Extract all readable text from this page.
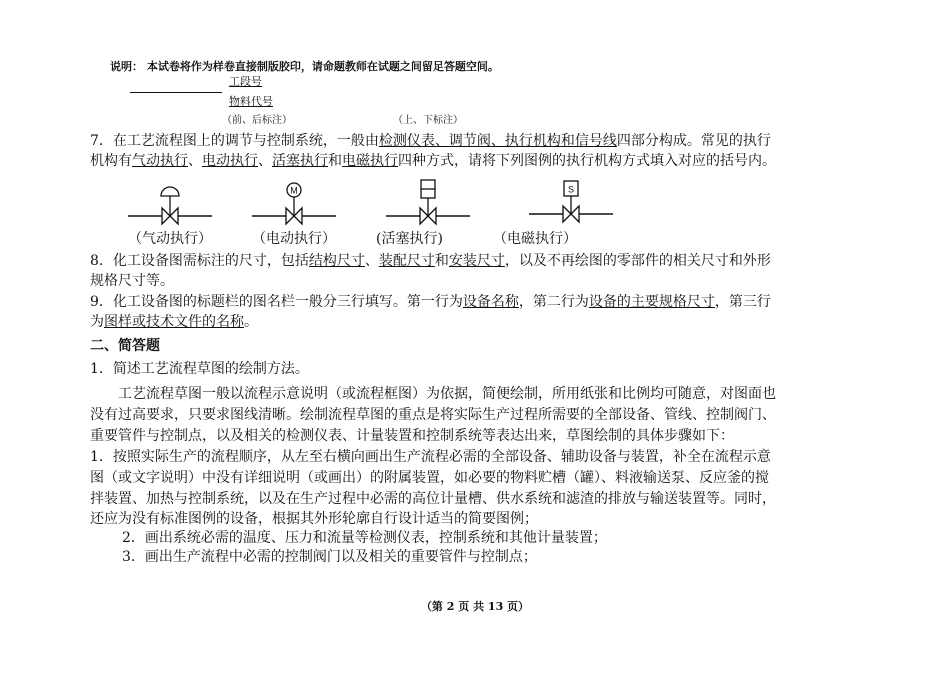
说明： 本试卷将作为样卷直接制版胶印，请命题教师在试题之间留足答题空间。
工段号
物料代号
（前、后标注）	（上、下标注）
7．在工艺流程图上的调节与控制系统，一般由检测仪表、调节阀、执行机构和信号线四部分构成。常见的执行
机构有气动执行、电动执行、活塞执行和电磁执行四种方式，请将下列图例的执行机构方式填入对应的括号内。
M	S
（气动执行）	（电动执行）	(活塞执行)	（电磁执行）
8．化工设备图需标注的尺寸，包括结构尺寸、装配尺寸和安装尺寸，以及不再绘图的零部件的相关尺寸和外形
规格尺寸等。
9．化工设备图的标题栏的图名栏一般分三行填写。第一行为设备名称，第二行为设备的主要规格尺寸，第三行
为图样或技术文件的名称。
二、简答题
1．简述工艺流程草图的绘制方法。
工艺流程草图一般以流程示意说明（或流程框图）为依据，简便绘制，所用纸张和比例均可随意，对图面也
没有过高要求，只要求图线清晰。绘制流程草图的重点是将实际生产过程所需要的全部设备、管线、控制阀门、
重要管件与控制点，以及相关的检测仪表、计量装置和控制系统等表达出来，草图绘制的具体步骤如下：
1．按照实际生产的流程顺序，从左至右横向画出生产流程必需的全部设备、辅助设备与装置，补全在流程示意
图（或文字说明）中没有详细说明（或画出）的附属装置，如必要的物料贮槽（罐）、料液输送泵、反应釜的搅
拌装置、加热与控制系统，以及在生产过程中必需的高位计量槽、供水系统和滤渣的排放与输送装置等。同时，
还应为没有标准图例的设备，根据其外形轮廓自行设计适当的简要图例；
2．画出系统必需的温度、压力和流量等检测仪表，控制系统和其他计量装置；
3．画出生产流程中必需的控制阀门以及相关的重要管件与控制点；
（第 2 页 共 13 页）
